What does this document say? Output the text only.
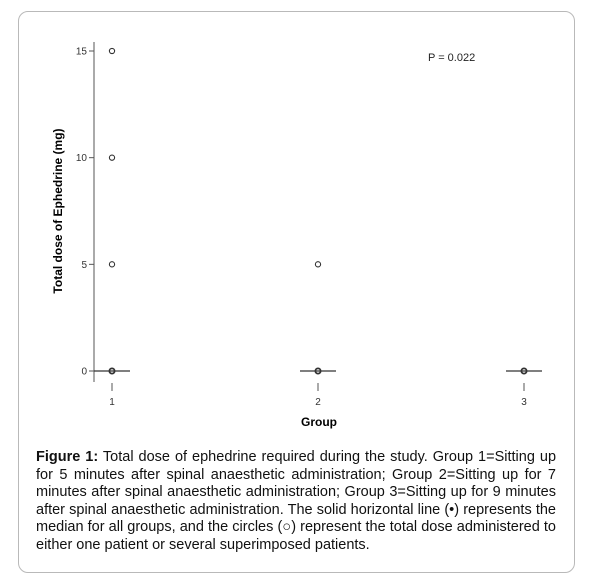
0
5
10
15
1	2	3
Total dose of Ephedrine (mg)
Group
P = 0.022
Figure 1: Total dose of ephedrine required during the study. Group 1=Sitting up for 5 minutes after spinal anaesthetic administration; Group 2=Sitting up for 7 minutes after spinal anaesthetic administration; Group 3=Sitting up for 9 minutes after spinal anaesthetic administration. The solid horizontal line (•) represents the median for all groups, and the circles (○) represent the total dose administered to either one patient or several superimposed patients.
